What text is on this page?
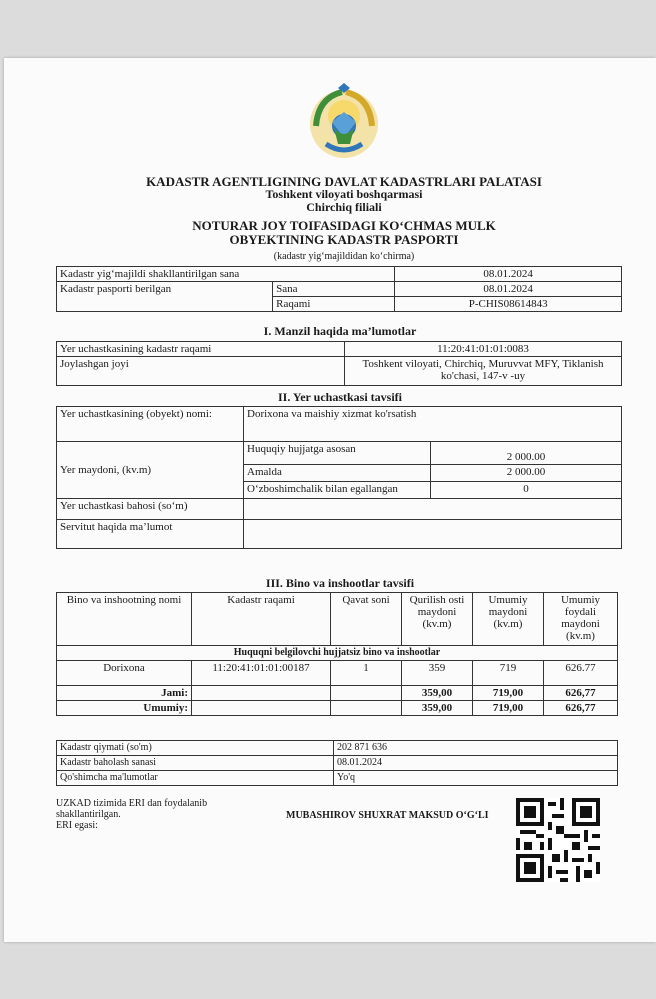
KADASTR AGENTLIGINING DAVLAT KADASTRLARI PALATASI
Toshkent viloyati boshqarmasi
Chirchiq filiali
NOTURAR JOY TOIFASIDAGI KO‘CHMAS MULK
OBYEKTINING KADASTR PASPORTI
(kadastr yig‘majildidan ko‘chirma)
Kadastr yig‘majildi shakllantirilgan sana		08.01.2024
Kadastr pasporti berilgan	Sana	08.01.2024
	Raqami	P-CHIS08614843
I. Manzil haqida ma’lumotlar
Yer uchastkasining kadastr raqami	11:20:41:01:01:0083
Joylashgan joyi	Toshkent viloyati, Chirchiq, Muruvvat MFY, Tiklanish ko'chasi, 147-v -uy
II. Yer uchastkasi tavsifi
Yer uchastkasining (obyekt) nomi:	Dorixona va maishiy xizmat ko'rsatish	
Yer maydoni, (kv.m)	Huquqiy hujjatga asosan	2 000.00
	Amalda	2 000.00
	O‘zboshimchalik bilan egallangan	0
Yer uchastkasi bahosi (so‘m)		
Servitut haqida ma’lumot		
III. Bino va inshootlar tavsifi
Bino va inshootning nomi	Kadastr raqami	Qavat soni	Qurilish osti maydoni (kv.m)	Umumiy maydoni (kv.m)	Umumiy foydali maydoni (kv.m)
Huquqni belgilovchi hujjatsiz bino va inshootlar					
Dorixona	11:20:41:01:01:00187	1	359	719	626.77
Jami:			359,00	719,00	626,77
Umumiy:			359,00	719,00	626,77
Kadastr qiymati (so'm)	202 871 636
Kadastr baholash sanasi	08.01.2024
Qo'shimcha ma'lumotlar	Yo'q
UZKAD tizimida ERI dan foydalanib
shakllantirilgan.
ERI egasi:
MUBASHIROV SHUXRAT MAKSUD O‘G‘LI
